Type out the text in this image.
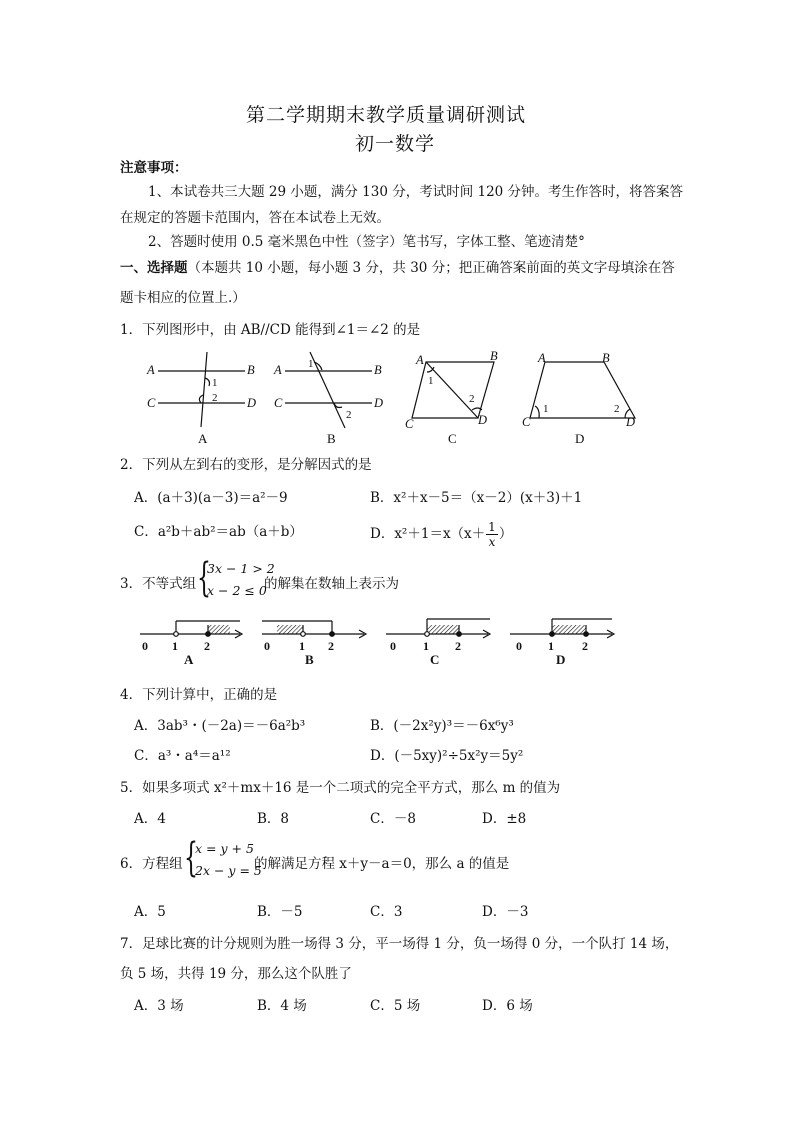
第二学期期末教学质量调研测试
初一数学
注意事项：
1、本试卷共三大题 29 小题，满分 130 分，考试时间 120 分钟。考生作答时，将答案答
在规定的答题卡范围内，答在本试卷上无效。
2、答题时使用 0.5 毫米黑色中性（签字）笔书写，字体工整、笔迹清楚°
一、选择题（本题共 10 小题，每小题 3 分，共 30 分；把正确答案前面的英文字母填涂在答
题卡相应的位置上.）
1．下列图形中，由 AB//CD 能得到∠1＝∠2 的是
A	B
C	D
A	B
C	D
A	B
C	D
A	B
C	D
1
2
1
2
1
2
1	2
A	B	C	D
2．下列从左到右的变形，是分解因式的是
A．(a＋3)(a－3)＝a²－9	B．x²＋x－5＝（x－2）(x＋3)＋1
C．a²b＋ab²＝ab（a＋b）	D．$x^2+1=x(x+ \frac{1}{x}$ ）
3．不等式组 {
3x − 1 > 2
x − 2 ≤ 0
的解集在数轴上表示为
0 1 2	0 1 2	0 1 2	0 1 2
A	B	C	D
4．下列计算中，正确的是
A．3ab³・(－2a)＝－6a²b³	B．(－2x²y)³＝－6x⁶y³
C．a³・a⁴＝a¹²	D．(－5xy)²÷5x²y＝5y²
5．如果多项式 x²＋mx＋16 是一个二项式的完全平方式，那么 m 的值为
A．4	B．8	C．－8	D．±8
6．方程组 {
x = y + 5
2x − y = 5
的解满足方程 x＋y－a＝0，那么 a 的值是
A．5	B．－5	C．3	D．－3
7．足球比赛的计分规则为胜一场得 3 分，平一场得 1 分，负一场得 0 分，一个队打 14 场，
负 5 场，共得 19 分，那么这个队胜了
A．3 场	B．4 场	C．5 场	D．6 场
